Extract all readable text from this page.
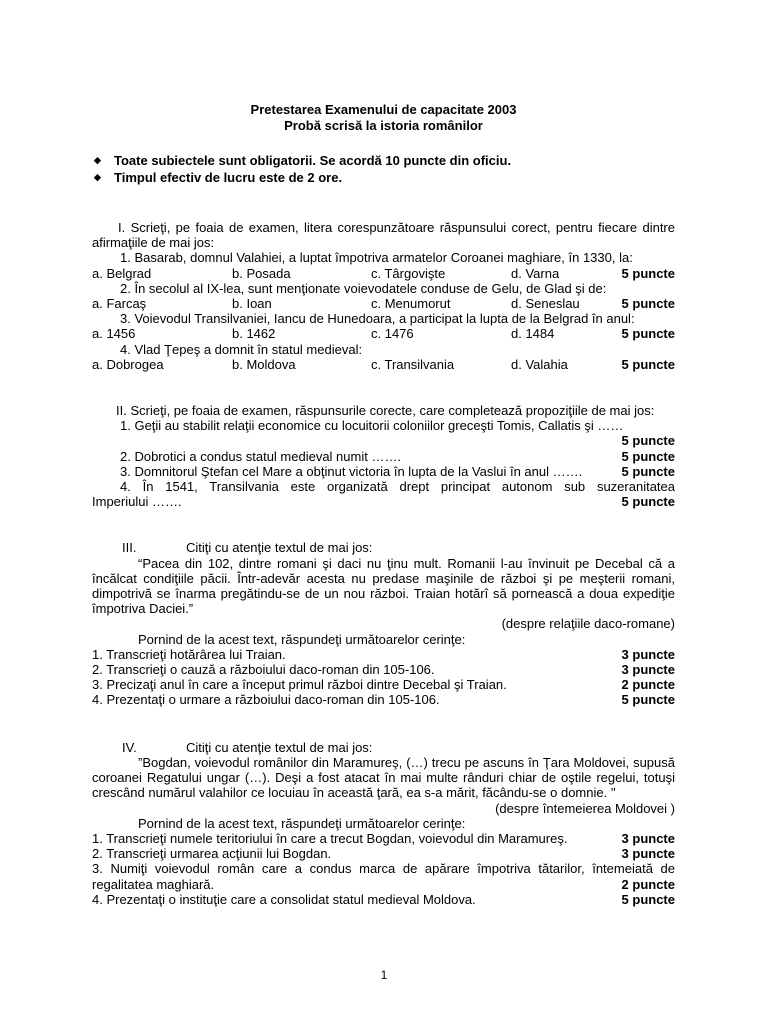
Pretestarea Examenului de capacitate 2003
Probă scrisă la istoria românilor
◆ Toate subiectele sunt obligatorii. Se acordă 10 puncte din oficiu.
◆ Timpul efectiv de lucru este de 2 ore.
I. Scrieţi, pe foaia de examen, litera corespunzătoare răspunsului corect, pentru fiecare dintre afirmaţiile de mai jos:
1. Basarab, domnul Valahiei, a luptat împotriva armatelor Coroanei maghiare, în 1330, la:
a. Belgrad	b. Posada	c. Târgovişte	d. Varna	5 puncte
2. În secolul al IX-lea, sunt menţionate voievodatele conduse de Gelu, de Glad şi de:
a. Farcaş	b. Ioan	c. Menumorut	d. Seneslau	5 puncte
3. Voievodul Transilvaniei, Iancu de Hunedoara, a participat la lupta de la Belgrad în anul:
a. 1456	b. 1462	c. 1476	d. 1484	5 puncte
4. Vlad Ţepeş a domnit în statul medieval:
a. Dobrogea	b. Moldova	c. Transilvania	d. Valahia	5 puncte
II. Scrieţi, pe foaia de examen, răspunsurile corecte, care completează propoziţiile de mai jos:
1. Geţii au stabilit relaţii economice cu locuitorii coloniilor greceşti Tomis, Callatis şi ……
5 puncte
2. Dobrotici a condus statul medieval numit …….	5 puncte
3. Domnitorul Ştefan cel Mare a obţinut victoria în lupta de la Vaslui în anul …….	5 puncte
4. În 1541, Transilvania este organizată drept principat autonom sub suzeranitatea
Imperiului …….	5 puncte
III.	Citiţi cu atenţie textul de mai jos:
“Pacea din 102, dintre romani şi daci nu ţinu mult. Romanii l-au învinuit pe Decebal că a încălcat condiţiile păcii. Într-adevăr acesta nu predase maşinile de război şi pe meşterii romani, dimpotrivă se înarma pregătindu-se de un nou război. Traian hotărî să pornească a doua expediţie împotriva Daciei.”
(despre relaţiile daco-romane)
Pornind de la acest text, răspundeţi următoarelor cerinţe:
1. Transcrieţi hotărârea lui Traian.	3 puncte
2. Transcrieţi o cauză a războiului daco-roman din 105-106.	3 puncte
3. Precizaţi anul în care a început primul război dintre Decebal şi Traian.	2 puncte
4. Prezentaţi o urmare a războiului daco-roman din 105-106.	5 puncte
IV.	Citiţi cu atenţie textul de mai jos:
”Bogdan, voievodul românilor din Maramureş, (…) trecu pe ascuns în Ţara Moldovei, supusă coroanei Regatului ungar (…). Deşi a fost atacat în mai multe rânduri chiar de oştile regelui, totuşi crescând numărul valahilor ce locuiau în această ţară, ea s-a mărit, făcându-se o domnie. ''
(despre întemeierea Moldovei )
Pornind de la acest text, răspundeţi următoarelor cerinţe:
1. Transcrieţi numele teritoriului în care a trecut Bogdan, voievodul din Maramureş.	3 puncte
2. Transcrieţi urmarea acţiunii lui Bogdan.	3 puncte
3. Numiţi voievodul român care a condus marca de apărare împotriva tătarilor, întemeiată de
regalitatea maghiară.	2 puncte
4. Prezentaţi o instituţie care a consolidat statul medieval Moldova.	5 puncte
1
